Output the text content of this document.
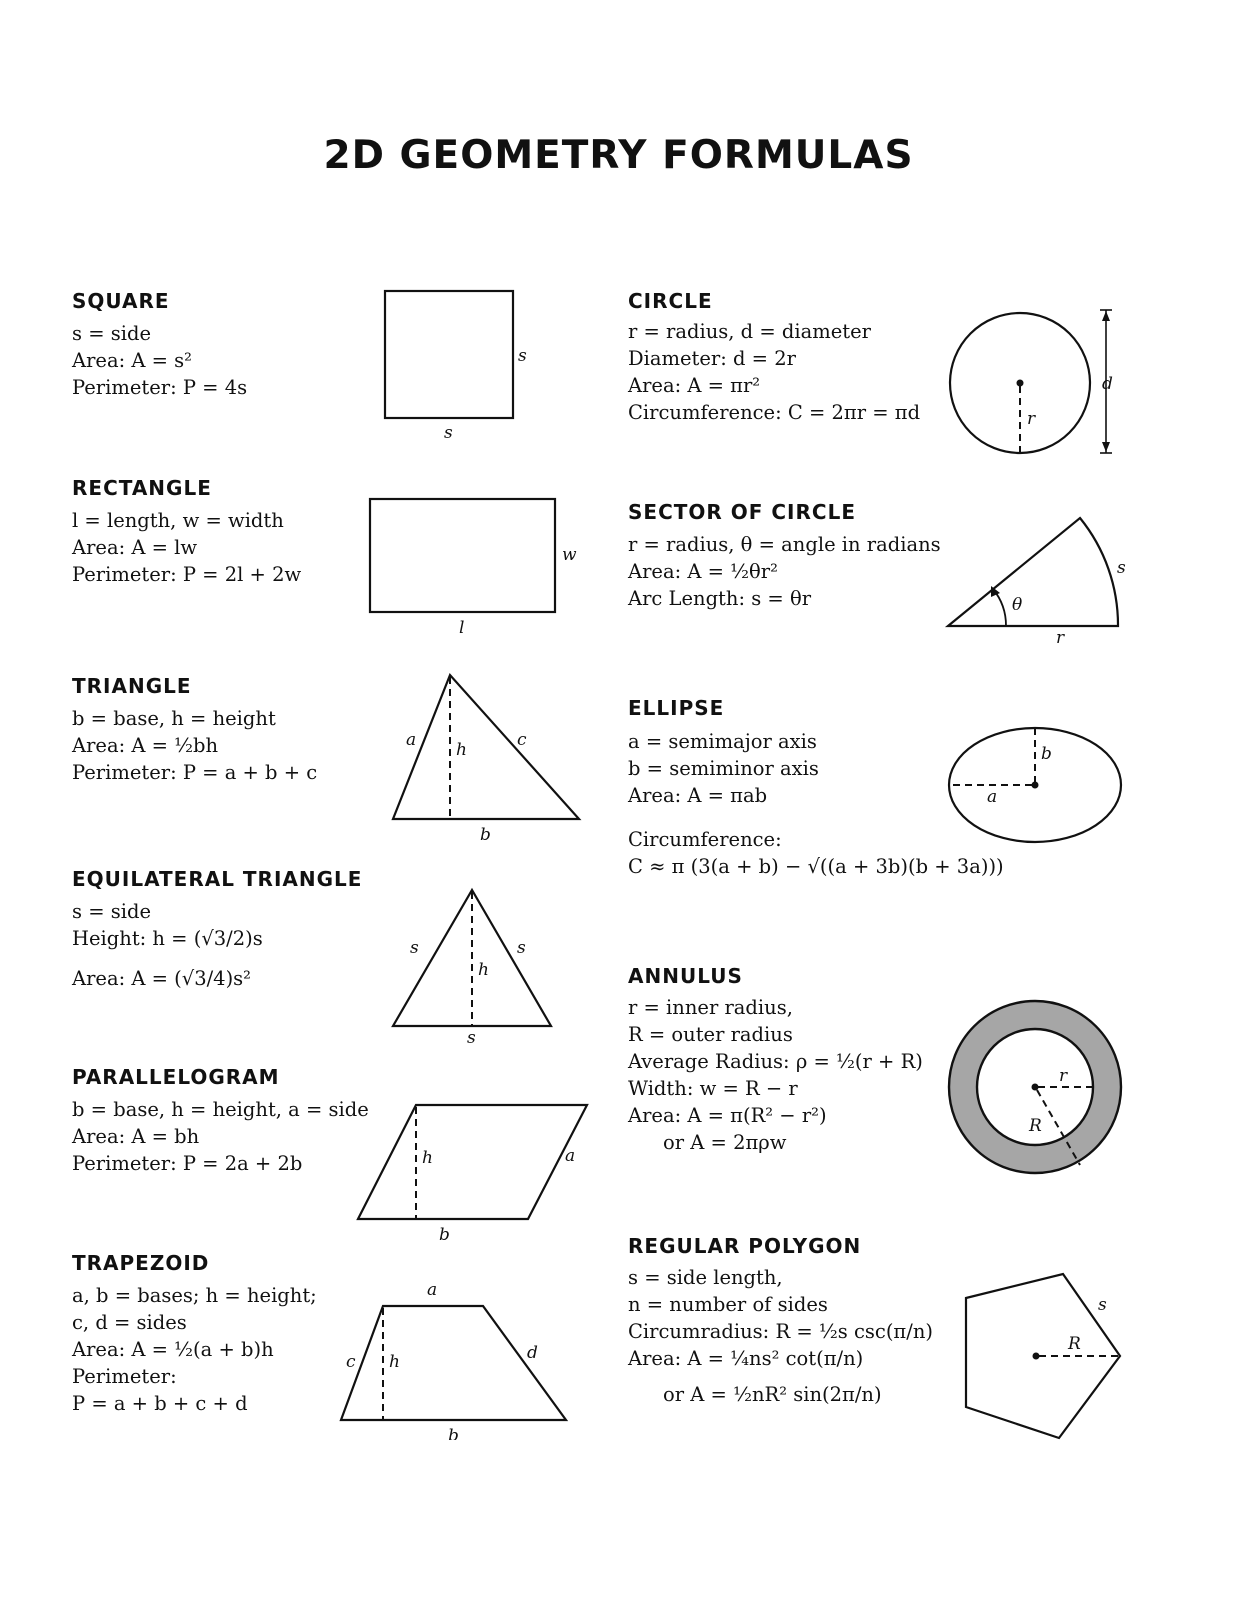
2D GEOMETRY FORMULAS
SQUARE
s = side
Area: A = s²
Perimeter: P = 4s
s
s
RECTANGLE
l = length, w = width
Area: A = lw
Perimeter: P = 2l + 2w
w
l
TRIANGLE
b = base, h = height
Area: A = ½bh
Perimeter: P = a + b + c
a h	c
b
EQUILATERAL TRIANGLE
s = side
Height: h = (√3/2)s
Area: A = (√3/4)s²
s
h
s
s
PARALLELOGRAM
b = base, h = height, a = side
Area: A = bh
Perimeter: P = 2a + 2b	h	a
b
TRAPEZOID
a, b = bases; h = height;
c, d = sides
Area: A = ½(a + b)h
Perimeter:
P = a + b + c + d
a
c h	d
b
CIRCLE
r = radius, d = diameter
Diameter: d = 2r
Area: A = πr²
Circumference: C = 2πr = πd	r
d
SECTOR OF CIRCLE
r = radius, θ = angle in radians
Area: A = ½θr²
Arc Length: s = θr	θ
s
r
ELLIPSE
a = semimajor axis
b = semiminor axis
Area: A = πab
Circumference:
C ≈ π (3(a + b) − √((a + 3b)(b + 3a)))
b
a
ANNULUS
r = inner radius,
R = outer radius
Average Radius: ρ = ½(r + R)
Width: w = R − r
Area: A = π(R² − r²)
or A = 2πρw
r
R
REGULAR POLYGON
s = side length,
n = number of sides
Circumradius: R = ½s csc(π/n)
Area: A = ¼ns² cot(π/n)
or A = ½nR² sin(2π/n)
R
s
